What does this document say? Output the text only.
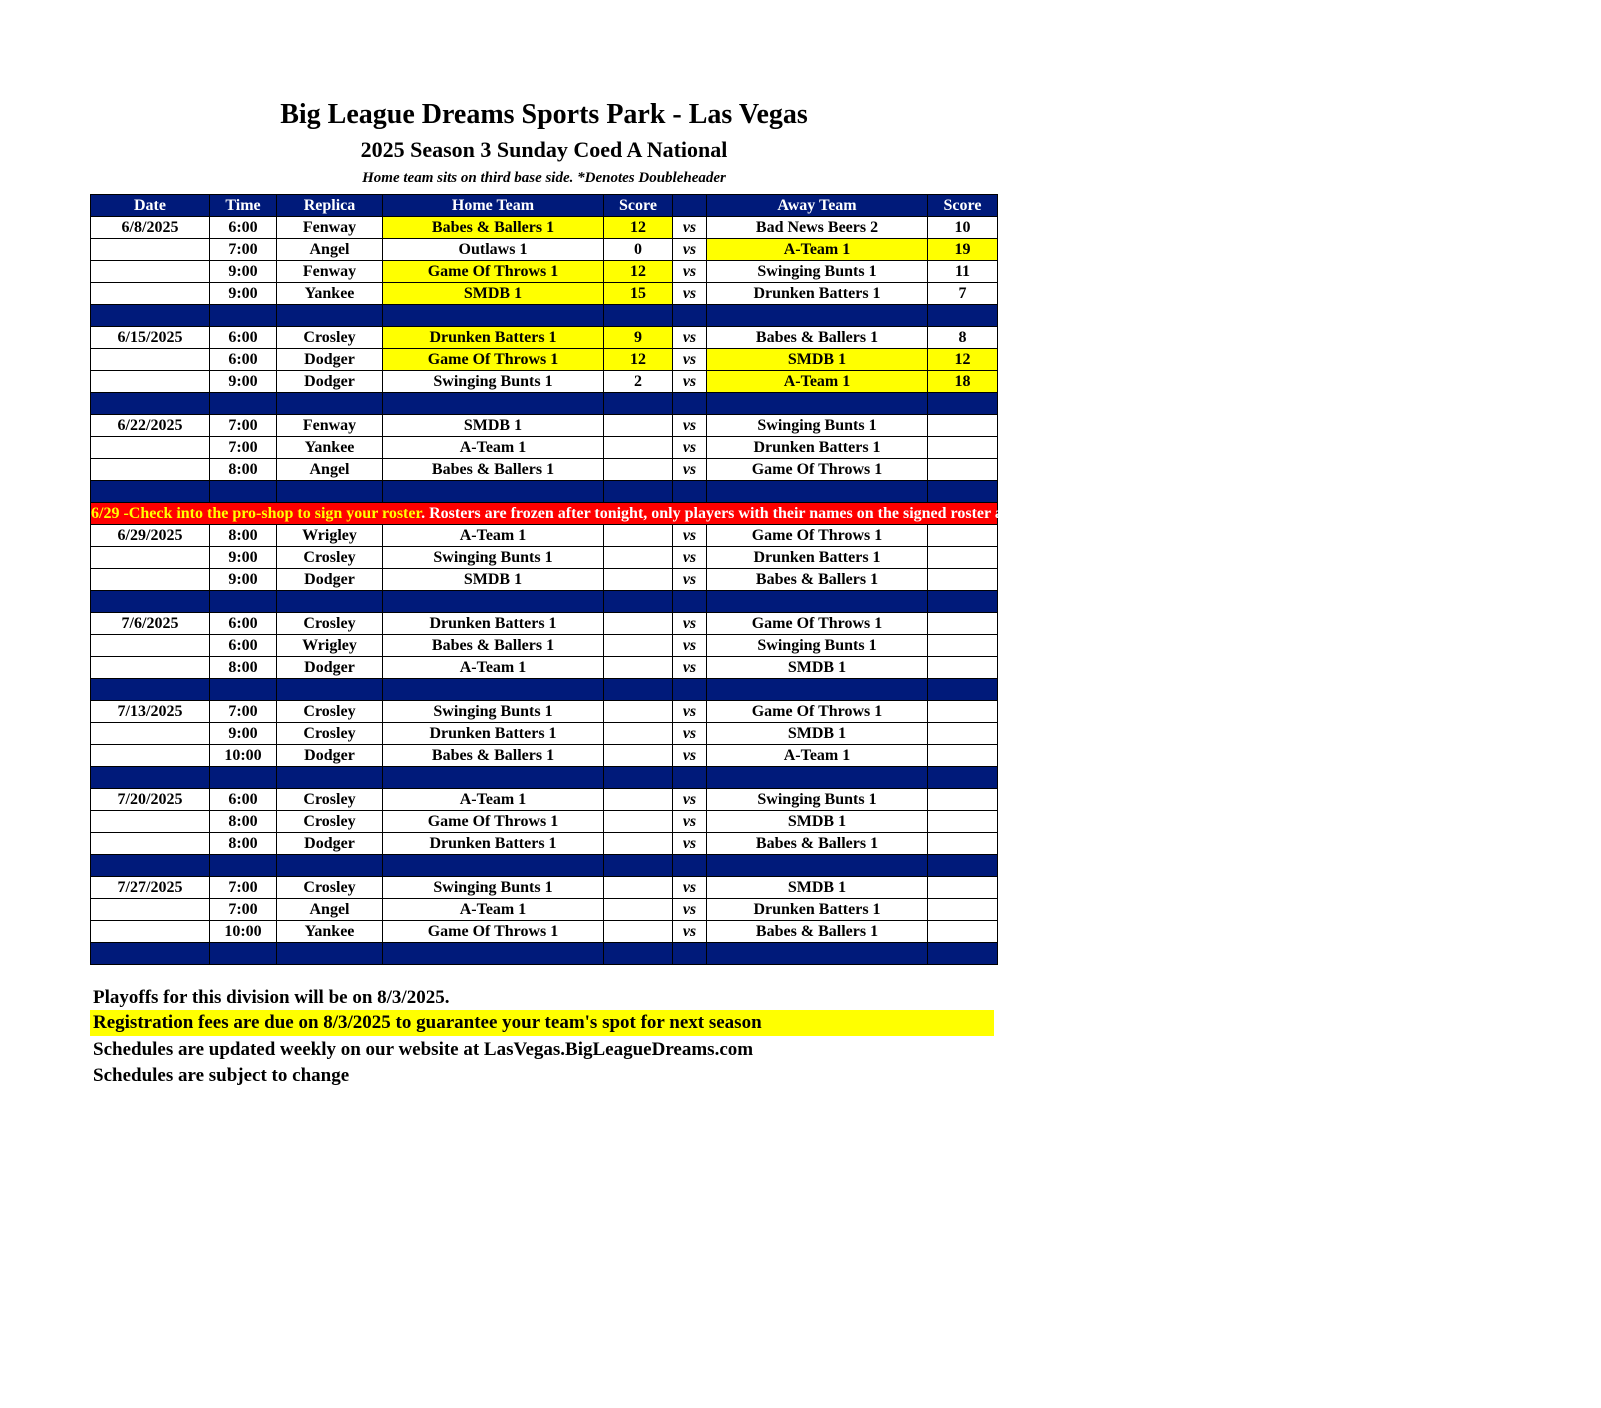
Big League Dreams Sports Park - Las Vegas
2025 Season 3 Sunday Coed A National
Home team sits on third base side. *Denotes Doubleheader
Date	Time	Replica	Home Team	Score		Away Team	Score
6/8/2025	6:00	Fenway	Babes & Ballers 1	12	vs	Bad News Beers 2	10
	7:00	Angel	Outlaws 1	0	vs	A-Team 1	19
	9:00	Fenway	Game Of Throws 1	12	vs	Swinging Bunts 1	11
	9:00	Yankee	SMDB 1	15	vs	Drunken Batters 1	7

6/15/2025	6:00	Crosley	Drunken Batters 1	9	vs	Babes & Ballers 1	8
	6:00	Dodger	Game Of Throws 1	12	vs	SMDB 1	12
	9:00	Dodger	Swinging Bunts 1	2	vs	A-Team 1	18

6/22/2025	7:00	Fenway	SMDB 1		vs	Swinging Bunts 1	
	7:00	Yankee	A-Team 1		vs	Drunken Batters 1	
	8:00	Angel	Babes & Ballers 1		vs	Game Of Throws 1	

6/29 -Check into the pro-shop to sign your roster. Rosters are frozen after tonight, only players with their names on the signed roster are eligible for playoffs. Please check carefully as changes will not be made for omissions.							
6/29/2025	8:00	Wrigley	A-Team 1		vs	Game Of Throws 1	
	9:00	Crosley	Swinging Bunts 1		vs	Drunken Batters 1	
	9:00	Dodger	SMDB 1		vs	Babes & Ballers 1	

7/6/2025	6:00	Crosley	Drunken Batters 1		vs	Game Of Throws 1	
	6:00	Wrigley	Babes & Ballers 1		vs	Swinging Bunts 1	
	8:00	Dodger	A-Team 1		vs	SMDB 1	

7/13/2025	7:00	Crosley	Swinging Bunts 1		vs	Game Of Throws 1	
	9:00	Crosley	Drunken Batters 1		vs	SMDB 1	
	10:00	Dodger	Babes & Ballers 1		vs	A-Team 1	

7/20/2025	6:00	Crosley	A-Team 1		vs	Swinging Bunts 1	
	8:00	Crosley	Game Of Throws 1		vs	SMDB 1	
	8:00	Dodger	Drunken Batters 1		vs	Babes & Ballers 1	

7/27/2025	7:00	Crosley	Swinging Bunts 1		vs	SMDB 1	
	7:00	Angel	A-Team 1		vs	Drunken Batters 1	
	10:00	Yankee	Game Of Throws 1		vs	Babes & Ballers 1	

Playoffs for this division will be on 8/3/2025.
Registration fees are due on 8/3/2025 to guarantee your team's spot for next season
Schedules are updated weekly on our website at LasVegas.BigLeagueDreams.com
Schedules are subject to change
